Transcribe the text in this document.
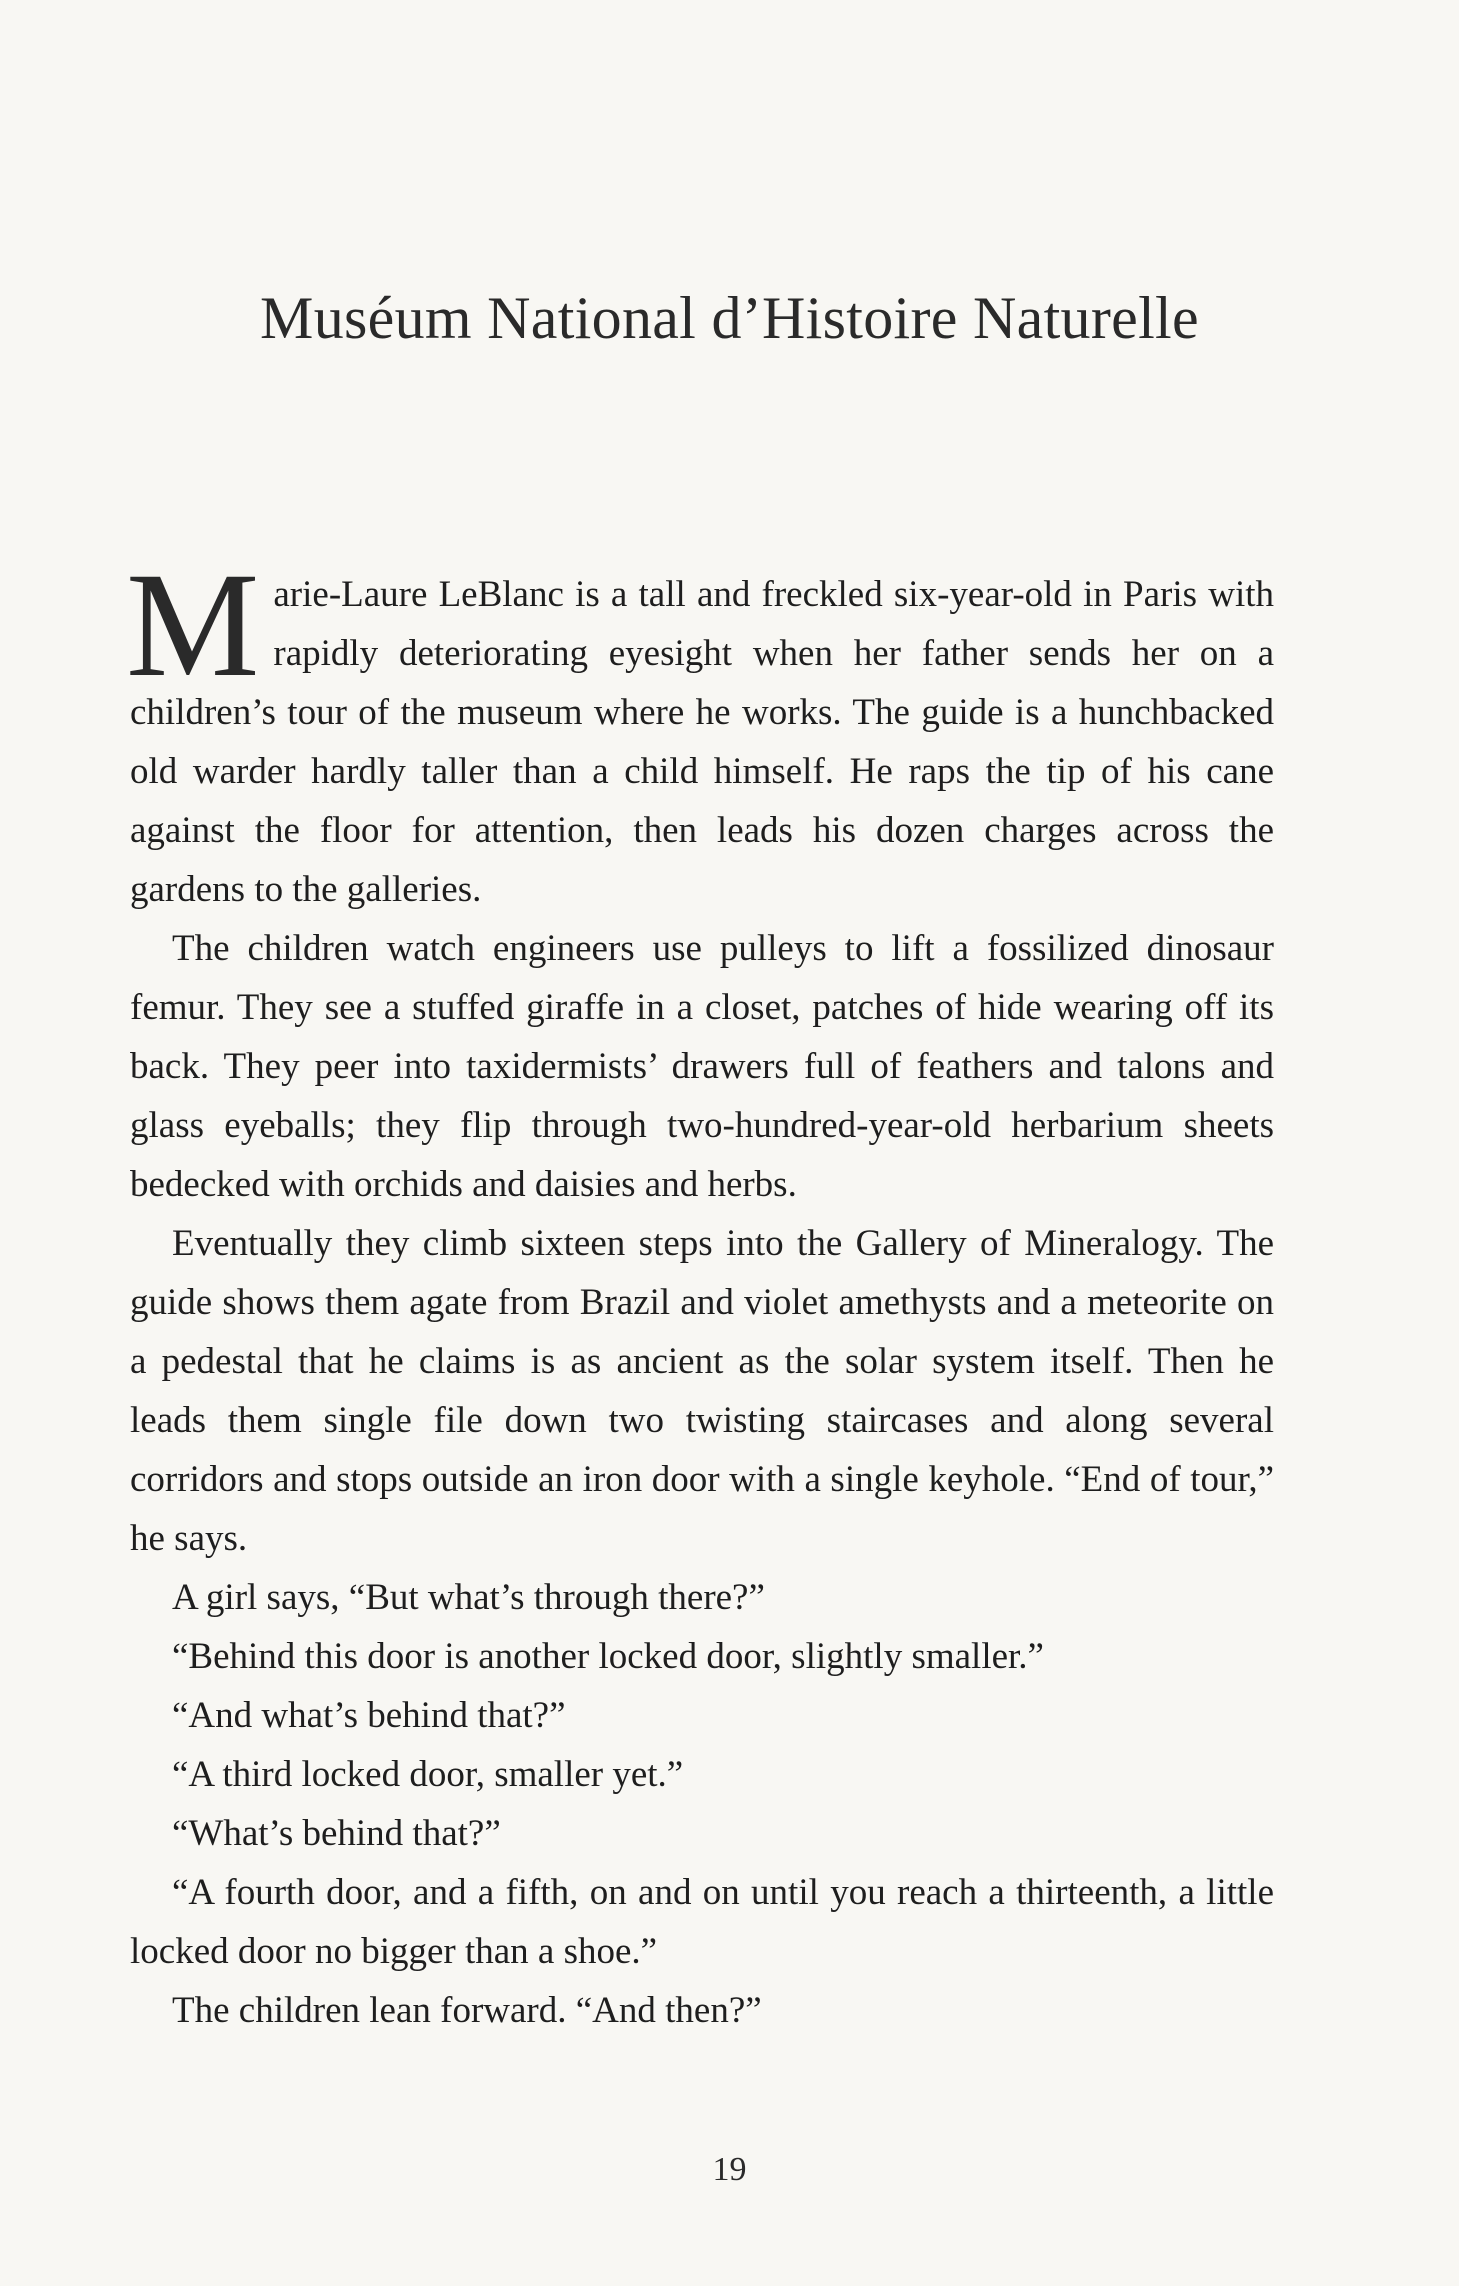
Muséum National d’Histoire Naturelle

Marie-Laure LeBlanc is a tall and freckled six-year-old in Paris with rapidly deteriorating eyesight when her father sends her on a children’s tour of the museum where he works. The guide is a hunchbacked old warder hardly taller than a child himself. He raps the tip of his cane against the floor for attention, then leads his dozen charges across the gardens to the galleries.

The children watch engineers use pulleys to lift a fossilized dinosaur femur. They see a stuffed giraffe in a closet, patches of hide wearing off its back. They peer into taxidermists’ drawers full of feathers and talons and glass eyeballs; they flip through two-hundred-year-old herbarium sheets bedecked with orchids and daisies and herbs.

Eventually they climb sixteen steps into the Gallery of Mineralogy. The guide shows them agate from Brazil and violet amethysts and a meteorite on a pedestal that he claims is as ancient as the solar system itself. Then he leads them single file down two twisting staircases and along several corridors and stops outside an iron door with a single keyhole. “End of tour,” he says.

A girl says, “But what’s through there?”

“Behind this door is another locked door, slightly smaller.”

“And what’s behind that?”

“A third locked door, smaller yet.”

“What’s behind that?”

“A fourth door, and a fifth, on and on until you reach a thirteenth, a little locked door no bigger than a shoe.”

The children lean forward. “And then?”

19
